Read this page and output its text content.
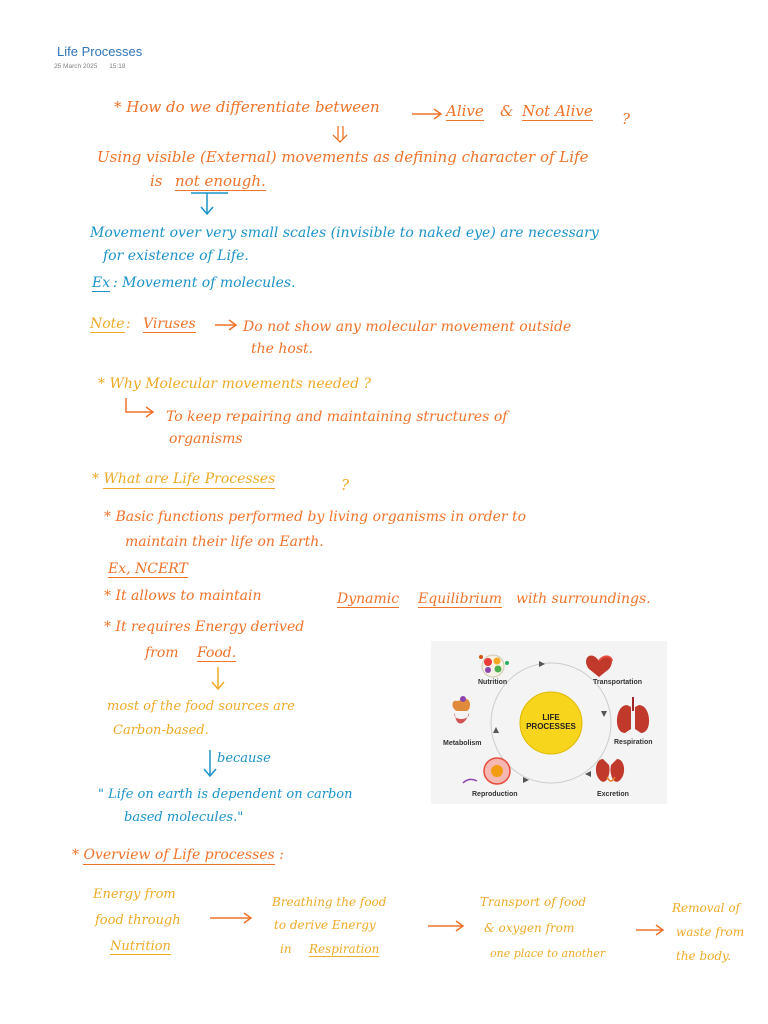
Life Processes
25 March 2025 15:18
* How do we differentiate between	Alive & Not Alive ?
Using visible (External) movements as defining character of Life
is not enough.
Movement over very small scales (invisible to naked eye) are necessary
for existence of Life.
Ex : Movement of molecules.
Note : Viruses	Do not show any molecular movement outside
the host.
* Why Molecular movements needed ?
To keep repairing and maintaining structures of
organisms
* What are Life Processes	?
* Basic functions performed by living organisms in order to
maintain their life on Earth.
Ex, NCERT
* It allows to maintain	Dynamic Equilibrium with surroundings.
* It requires Energy derived
from Food.
most of the food sources are
Carbon-based.
because
" Life on earth is dependent on carbon
based molecules."
* Overview of Life processes :
Energy from
food through
Nutrition
Breathing the food
to derive Energy
in Respiration
Transport of food
& oxygen from
one place to another
Removal of
waste from
the body.
LIFE PROCESSES
Nutrition	Transportation
Metabolism	Respiration
Reproduction	Excretion
